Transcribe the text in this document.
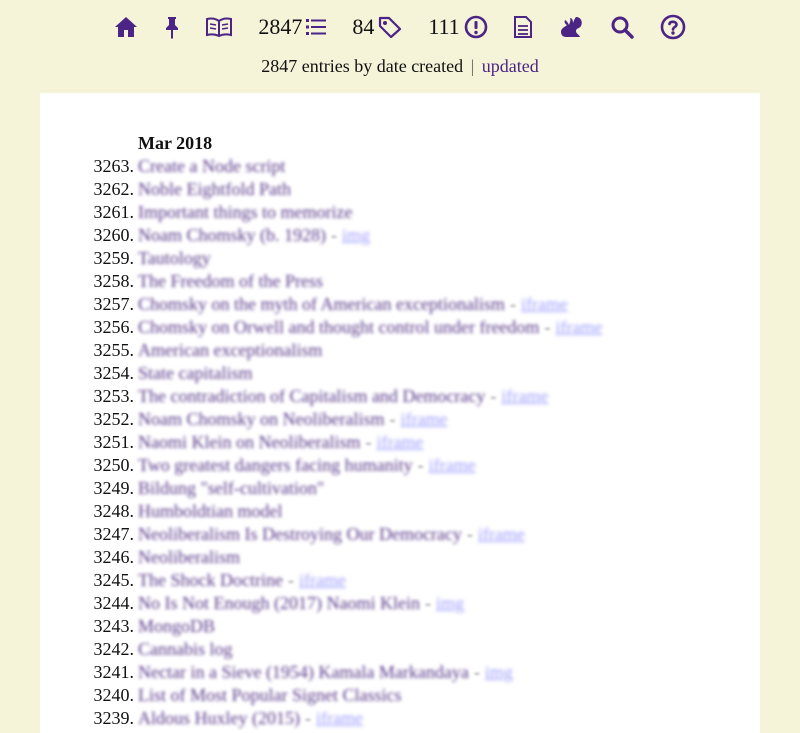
2847 84 111
2847 entries by date created | updated
Mar 2018
3263. Create a Node script
3262. Noble Eightfold Path
3261. Important things to memorize
3260. Noam Chomsky (b. 1928) - img
3259. Tautology
3258. The Freedom of the Press
3257. Chomsky on the myth of American exceptionalism - iframe
3256. Chomsky on Orwell and thought control under freedom - iframe
3255. American exceptionalism
3254. State capitalism
3253. The contradiction of Capitalism and Democracy - iframe
3252. Noam Chomsky on Neoliberalism - iframe
3251. Naomi Klein on Neoliberalism - iframe
3250. Two greatest dangers facing humanity - iframe
3249. Bildung "self-cultivation"
3248. Humboldtian model
3247. Neoliberalism Is Destroying Our Democracy - iframe
3246. Neoliberalism
3245. The Shock Doctrine - iframe
3244. No Is Not Enough (2017) Naomi Klein - img
3243. MongoDB
3242. Cannabis log
3241. Nectar in a Sieve (1954) Kamala Markandaya - img
3240. List of Most Popular Signet Classics
3239. Aldous Huxley (2015) - iframe
